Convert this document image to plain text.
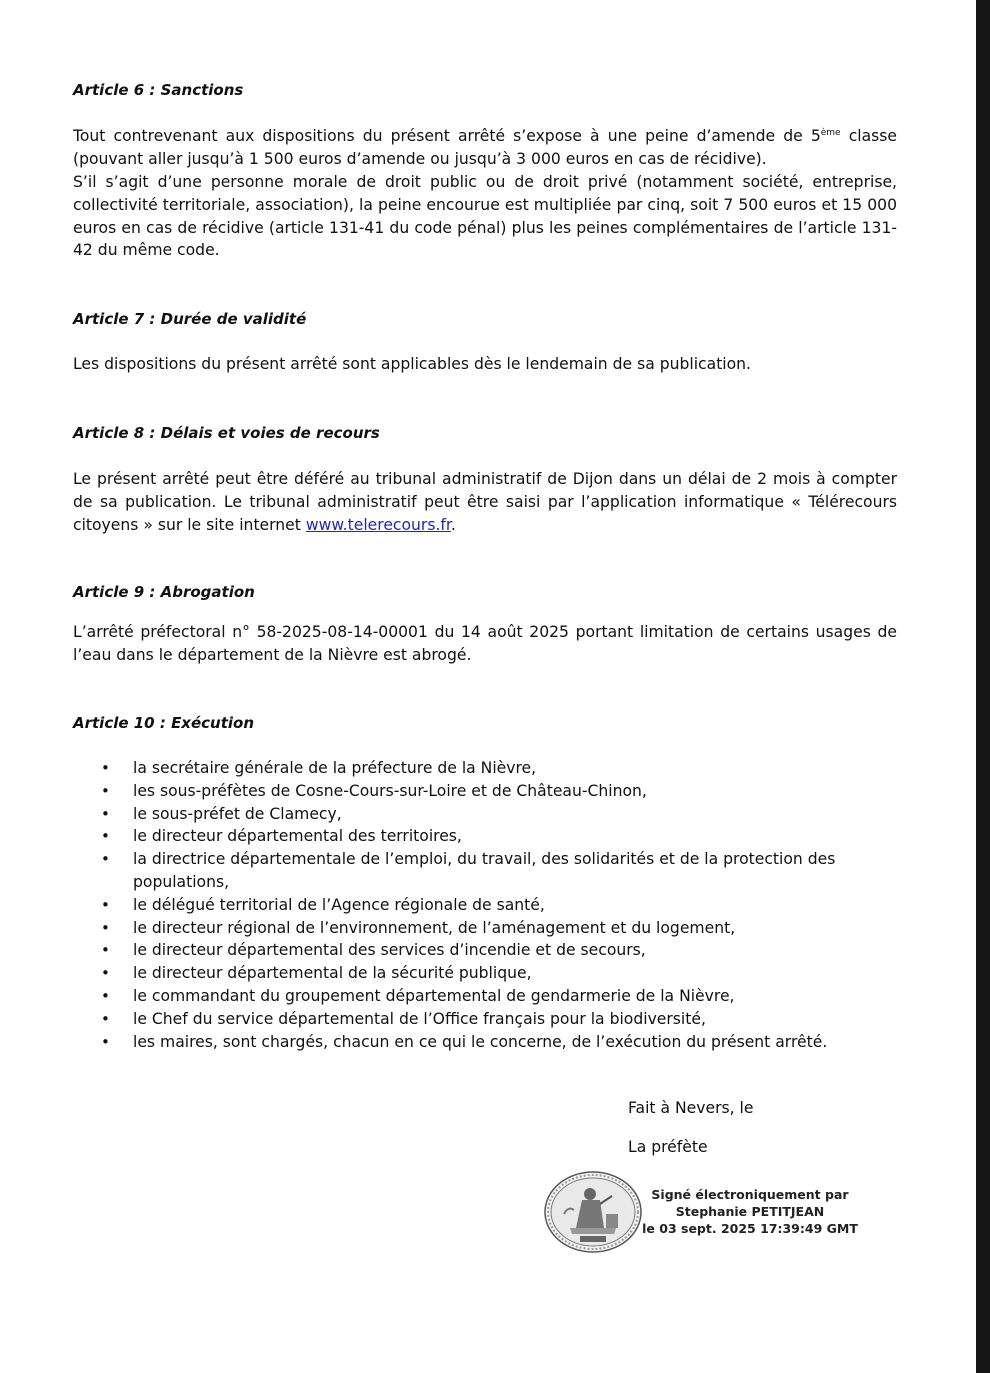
Article 6 : Sanctions

Tout contrevenant aux dispositions du présent arrêté s’expose à une peine d’amende de 5ème classe (pouvant aller jusqu’à 1 500 euros d’amende ou jusqu’à 3 000 euros en cas de récidive).

S’il s’agit d’une personne morale de droit public ou de droit privé (notamment société, entreprise, collectivité territoriale, association), la peine encourue est multipliée par cinq, soit 7 500 euros et 15 000 euros en cas de récidive (article 131-41 du code pénal) plus les peines complémentaires de l’article 131-42 du même code.

Article 7 : Durée de validité

Les dispositions du présent arrêté sont applicables dès le lendemain de sa publication.

Article 8 : Délais et voies de recours

Le présent arrêté peut être déféré au tribunal administratif de Dijon dans un délai de 2 mois à compter de sa publication. Le tribunal administratif peut être saisi par l’application informatique « Télérecours citoyens » sur le site internet www.telerecours.fr.

Article 9 : Abrogation

L’arrêté préfectoral n° 58-2025-08-14-00001 du 14 août 2025 portant limitation de certains usages de l’eau dans le département de la Nièvre est abrogé.

Article 10 : Exécution
• la secrétaire générale de la préfecture de la Nièvre,
• les sous-préfètes de Cosne-Cours-sur-Loire et de Château-Chinon,
• le sous-préfet de Clamecy,
• le directeur départemental des territoires,
• la directrice départementale de l’emploi, du travail, des solidarités et de la protection des populations,
• le délégué territorial de l’Agence régionale de santé,
• le directeur régional de l’environnement, de l’aménagement et du logement,
• le directeur départemental des services d’incendie et de secours,
• le directeur départemental de la sécurité publique,
• le commandant du groupement départemental de gendarmerie de la Nièvre,
• le Chef du service départemental de l’Office français pour la biodiversité,
• les maires, sont chargés, chacun en ce qui le concerne, de l’exécution du présent arrêté.
Fait à Nevers, le
La préfète
Signé électroniquement par
Stephanie PETITJEAN
le 03 sept. 2025 17:39:49 GMT
